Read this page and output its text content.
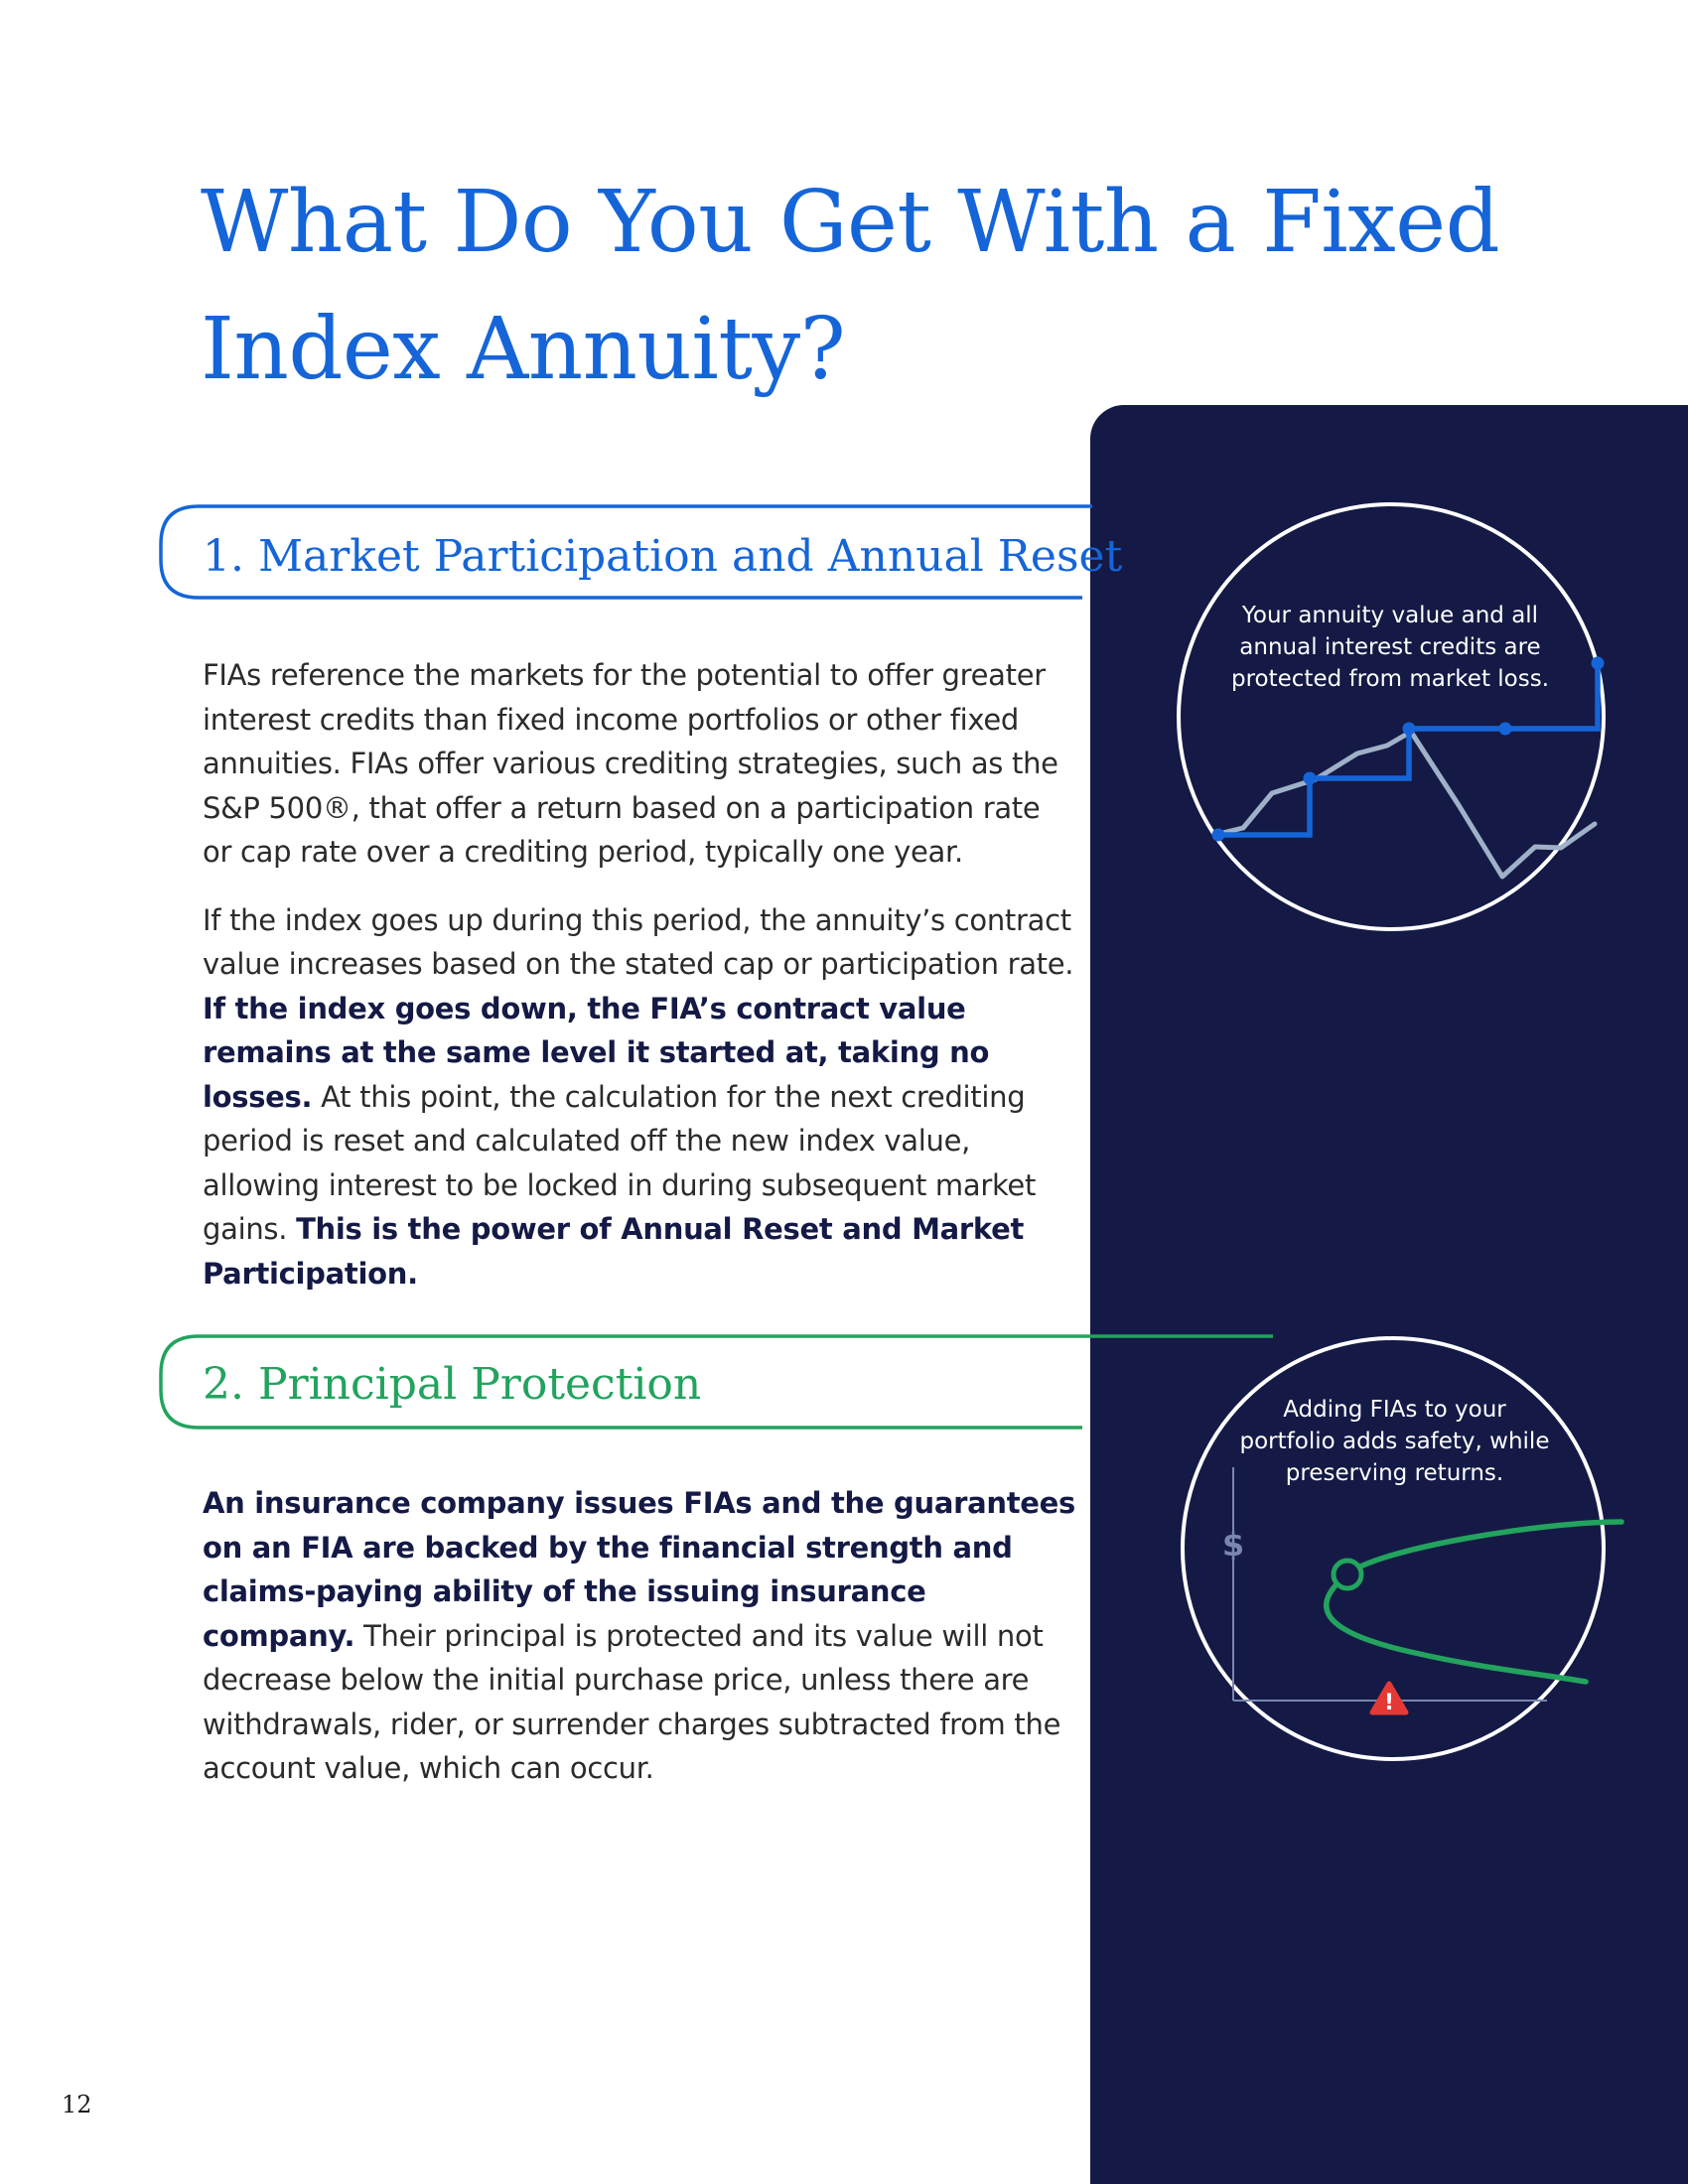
What Do You Get With a Fixed Index Annuity?
1. Market Participation and Annual Reset

FIAs reference the markets for the potential to offer greater interest credits than fixed income portfolios or other fixed annuities. FIAs offer various crediting strategies, such as the S&P 500®, that offer a return based on a participation rate or cap rate over a crediting period, typically one year.

If the index goes up during this period, the annuity’s contract value increases based on the stated cap or participation rate. If the index goes down, the FIA’s contract value remains at the same level it started at, taking no losses. At this point, the calculation for the next crediting period is reset and calculated off the new index value, allowing interest to be locked in during subsequent market gains. This is the power of Annual Reset and Market Participation.

Your annuity value and all annual interest credits are protected from market loss.
2. Principal Protection

An insurance company issues FIAs and the guarantees on an FIA are backed by the financial strength and claims-paying ability of the issuing insurance company. Their principal is protected and its value will not decrease below the initial purchase price, unless there are withdrawals, rider, or surrender charges subtracted from the account value, which can occur.

$
!
Adding FIAs to your portfolio adds safety, while preserving returns.
12
